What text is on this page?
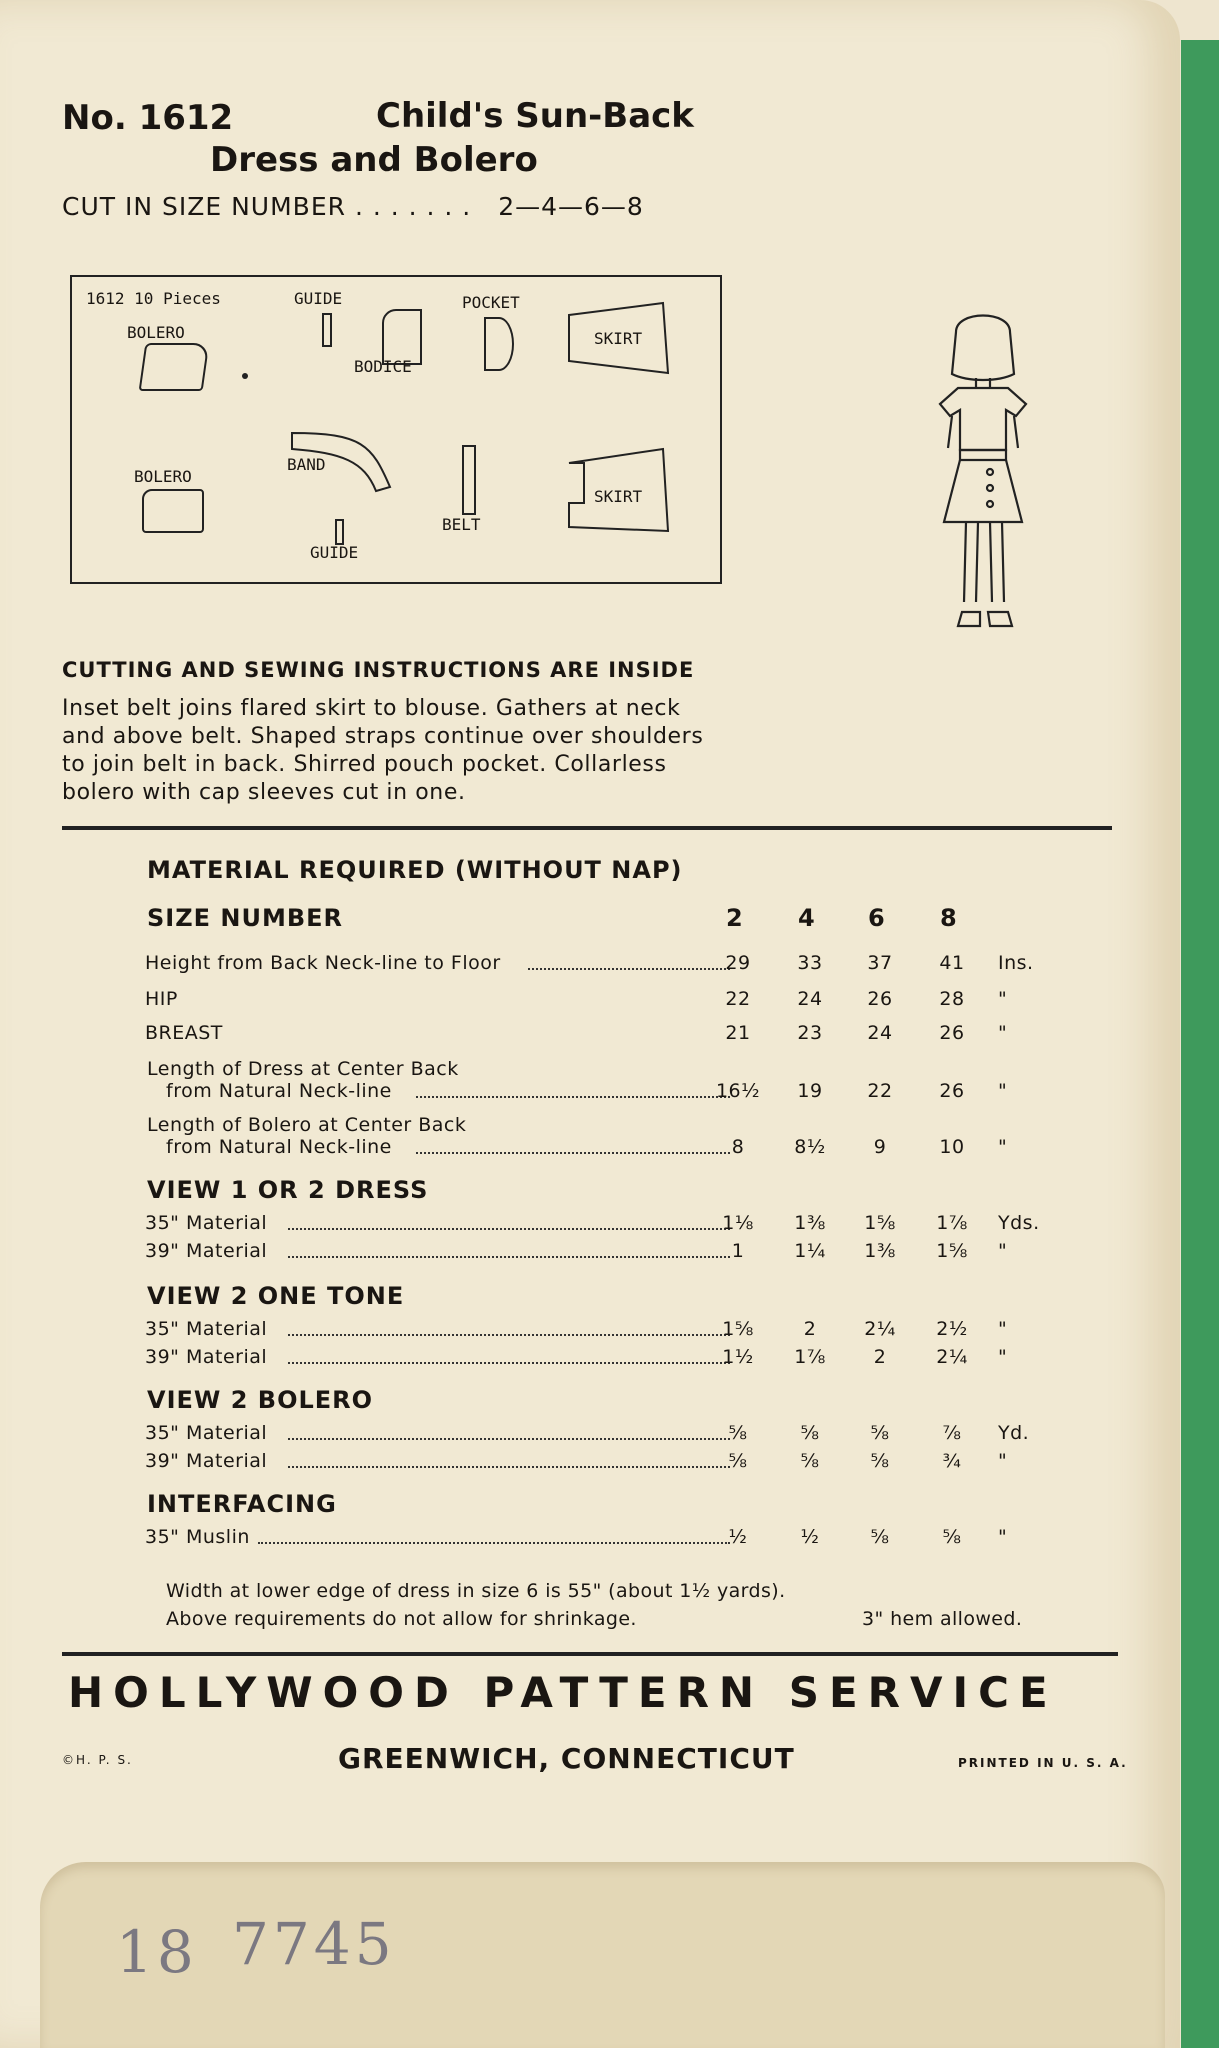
No. 1612	Child's Sun-Back
Dress and Bolero
CUT IN SIZE NUMBER . . . . . . . 2—4—6—8
1612 10 Pieces	GUIDE	POCKET
BOLERO
BODICE
SKIRT
SKIRT
BAND
BOLERO
BELT
GUIDE
CUTTING AND SEWING INSTRUCTIONS ARE INSIDE
Inset belt joins flared skirt to blouse. Gathers at neck
and above belt. Shaped straps continue over shoulders
to join belt in back. Shirred pouch pocket. Collarless
bolero with cap sleeves cut in one.
MATERIAL REQUIRED (WITHOUT NAP)
SIZE NUMBER	2 4 6 8
Height from Back Neck-line to Floor	29	33	37	41	Ins.
HIP	22	24	26	28	"
BREAST	21	23	24	26	"
Length of Dress at Center Back
from Natural Neck-line	16½	19	22	26	"
Length of Bolero at Center Back
from Natural Neck-line	8	8½	9	10	"
VIEW 1 OR 2 DRESS
35" Material	1⅛	1⅜	1⅝	1⅞	Yds.
39" Material	1	1¼	1⅜	1⅝	"
VIEW 2 ONE TONE
35" Material	1⅝	2	2¼	2½	"
39" Material	1½	1⅞	2	2¼	"
VIEW 2 BOLERO
35" Material	⅝	⅝	⅝	⅞	Yd.
39" Material	⅝	⅝	⅝	¾	"
INTERFACING
35" Muslin	½	½	⅝	⅝	"
Width at lower edge of dress in size 6 is 55" (about 1½ yards).
Above requirements do not allow for shrinkage.	3" hem allowed.
HOLLYWOOD PATTERN SERVICE
©H. P. S.	GREENWICH, CONNECTICUT	PRINTED IN U. S. A.
18 7745
